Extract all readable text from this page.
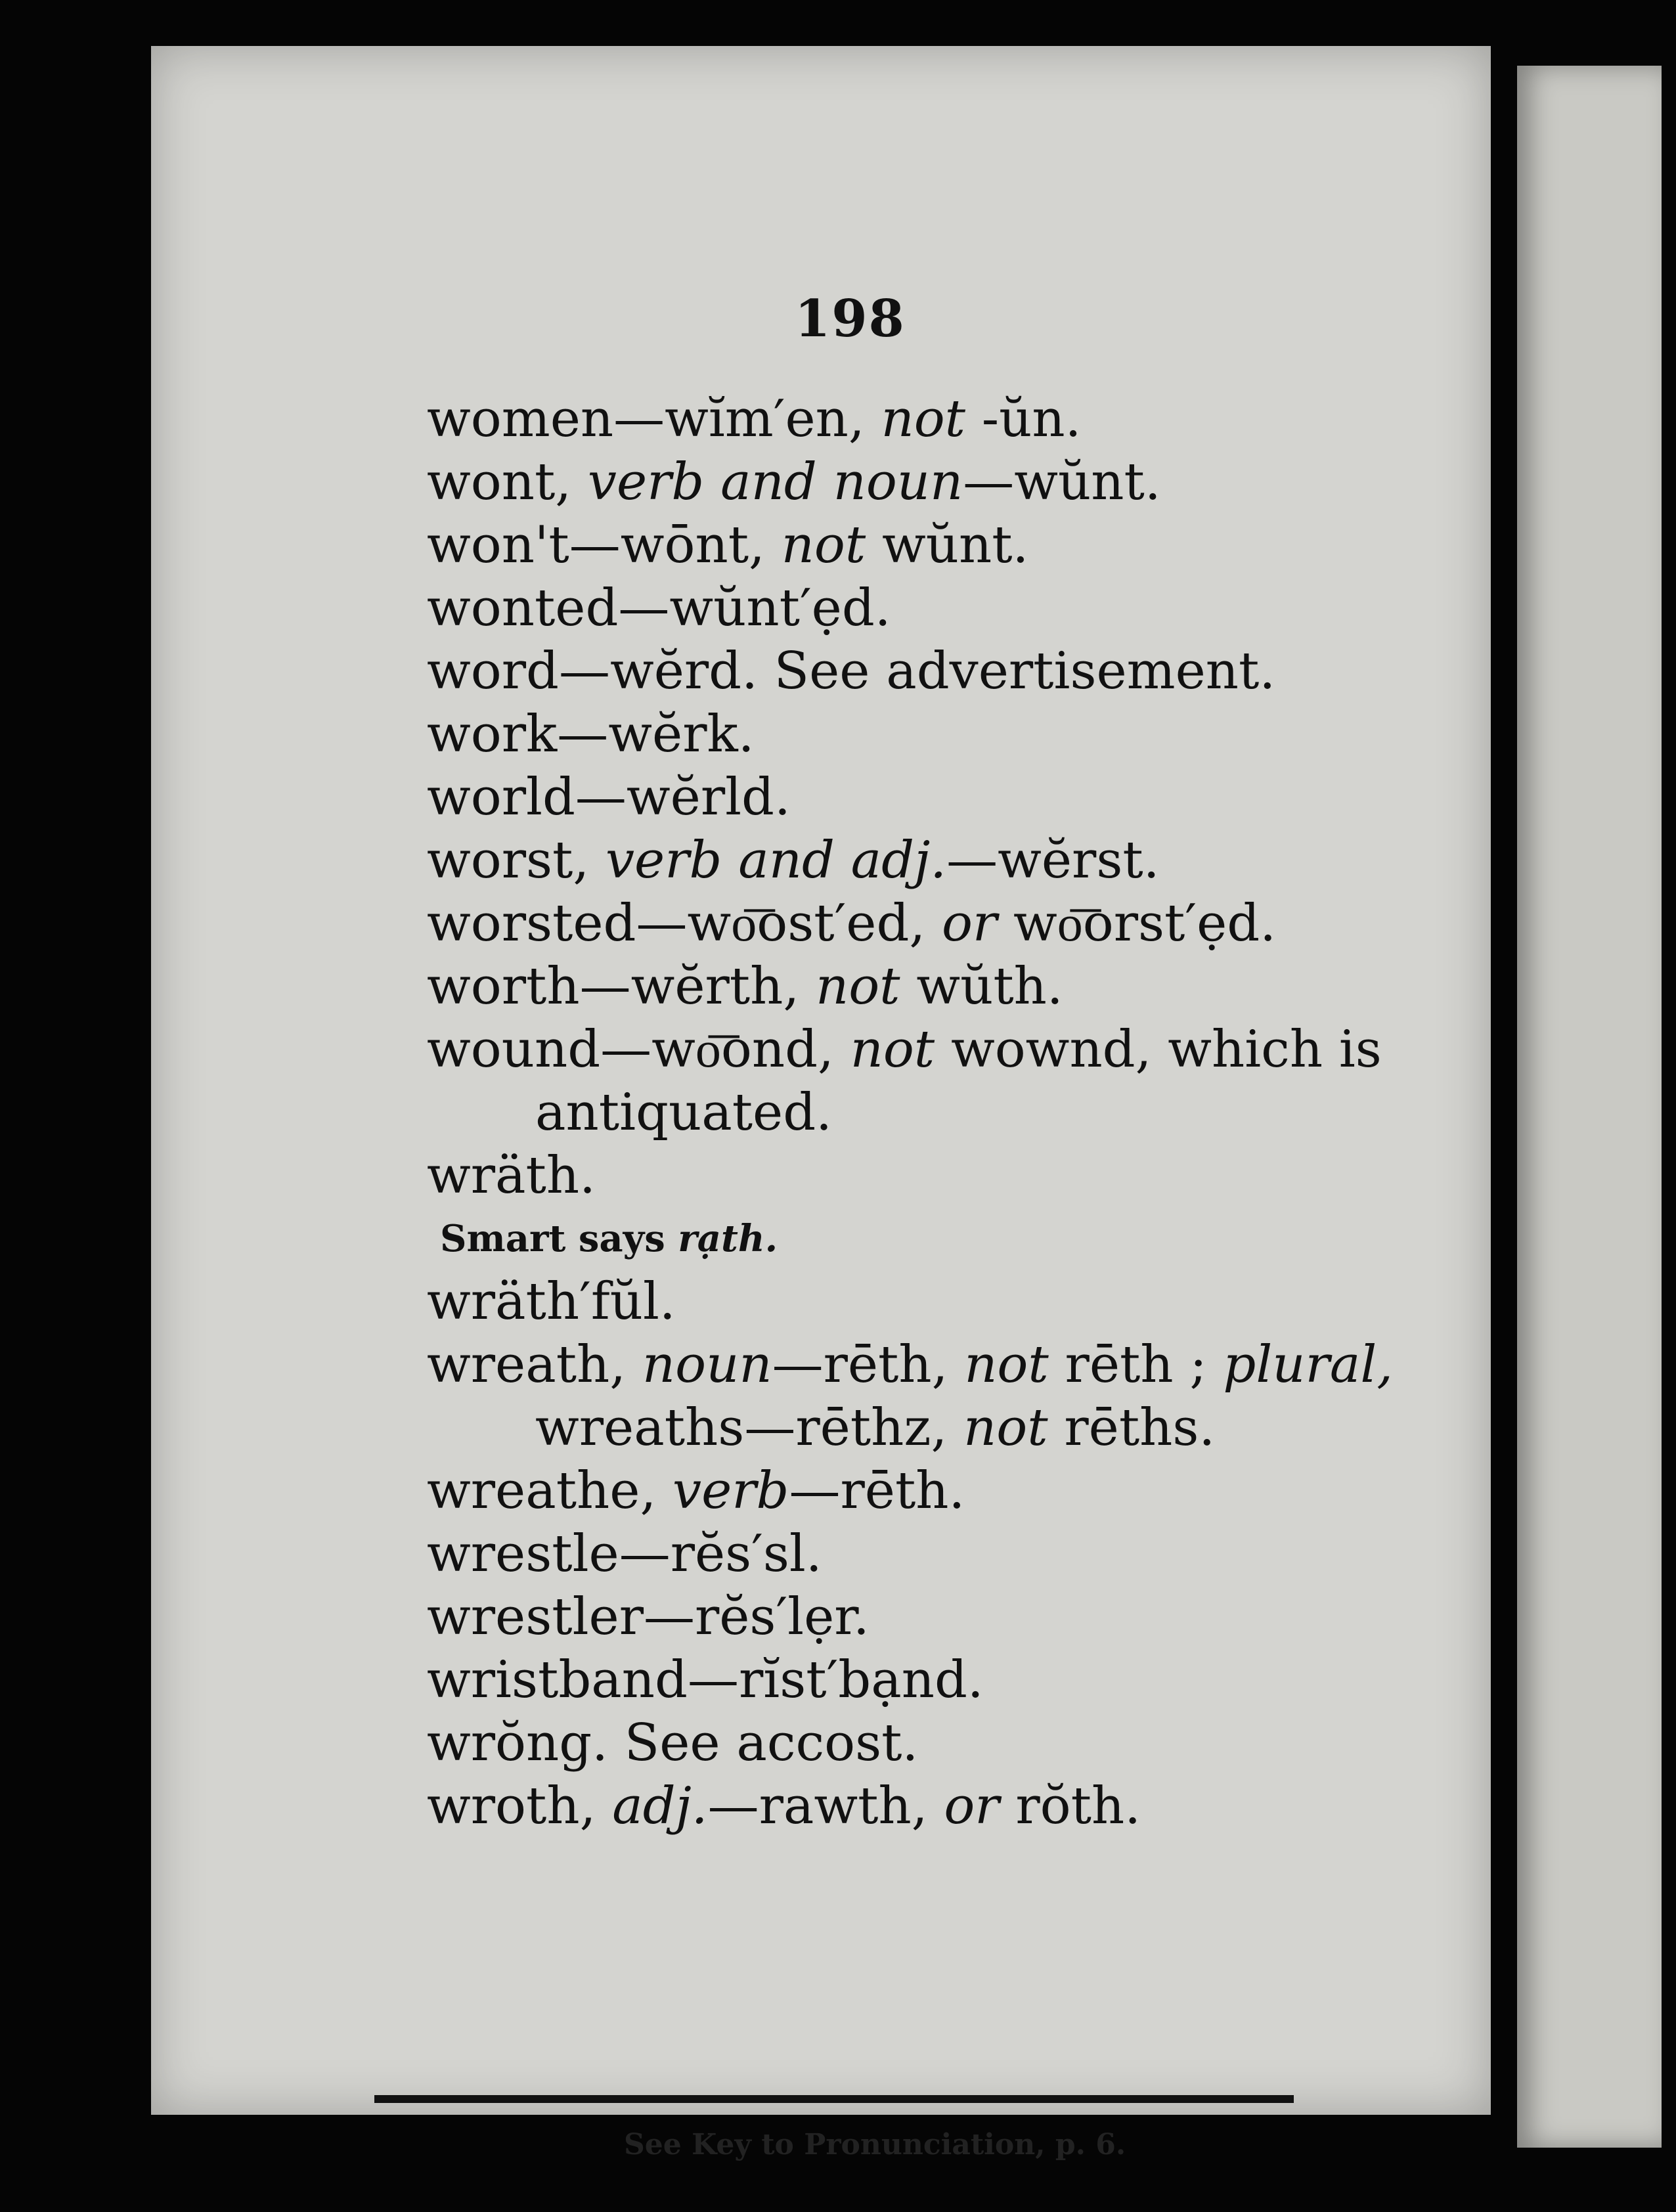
198
women—wĭm′en, not -ŭn.
wont, verb and noun—wŭnt.
won't—wōnt, not wŭnt.
wonted—wŭnt′ẹd.
word—wĕrd. See advertisement.
work—wĕrk.
world—wĕrld.
worst, verb and adj.—wĕrst.
worsted—wo͞ost′ed, or wo͞orst′ẹd.
worth—wĕrth, not wŭth.
wound—wo͞ond, not wownd, which is
antiquated.
wräth.
Smart says rạth.
wräth′fŭl.
wreath, noun—rēth, not rēth ; plural,
wreaths—rēthz, not rēths.
wreathe, verb—rēth.
wrestle—rĕs′sl.
wrestler—rĕs′lẹr.
wristband—rĭst′bạnd.
wrŏng. See accost.
wroth, adj.—rawth, or rŏth.
See Key to Pronunciation, p. 6.
